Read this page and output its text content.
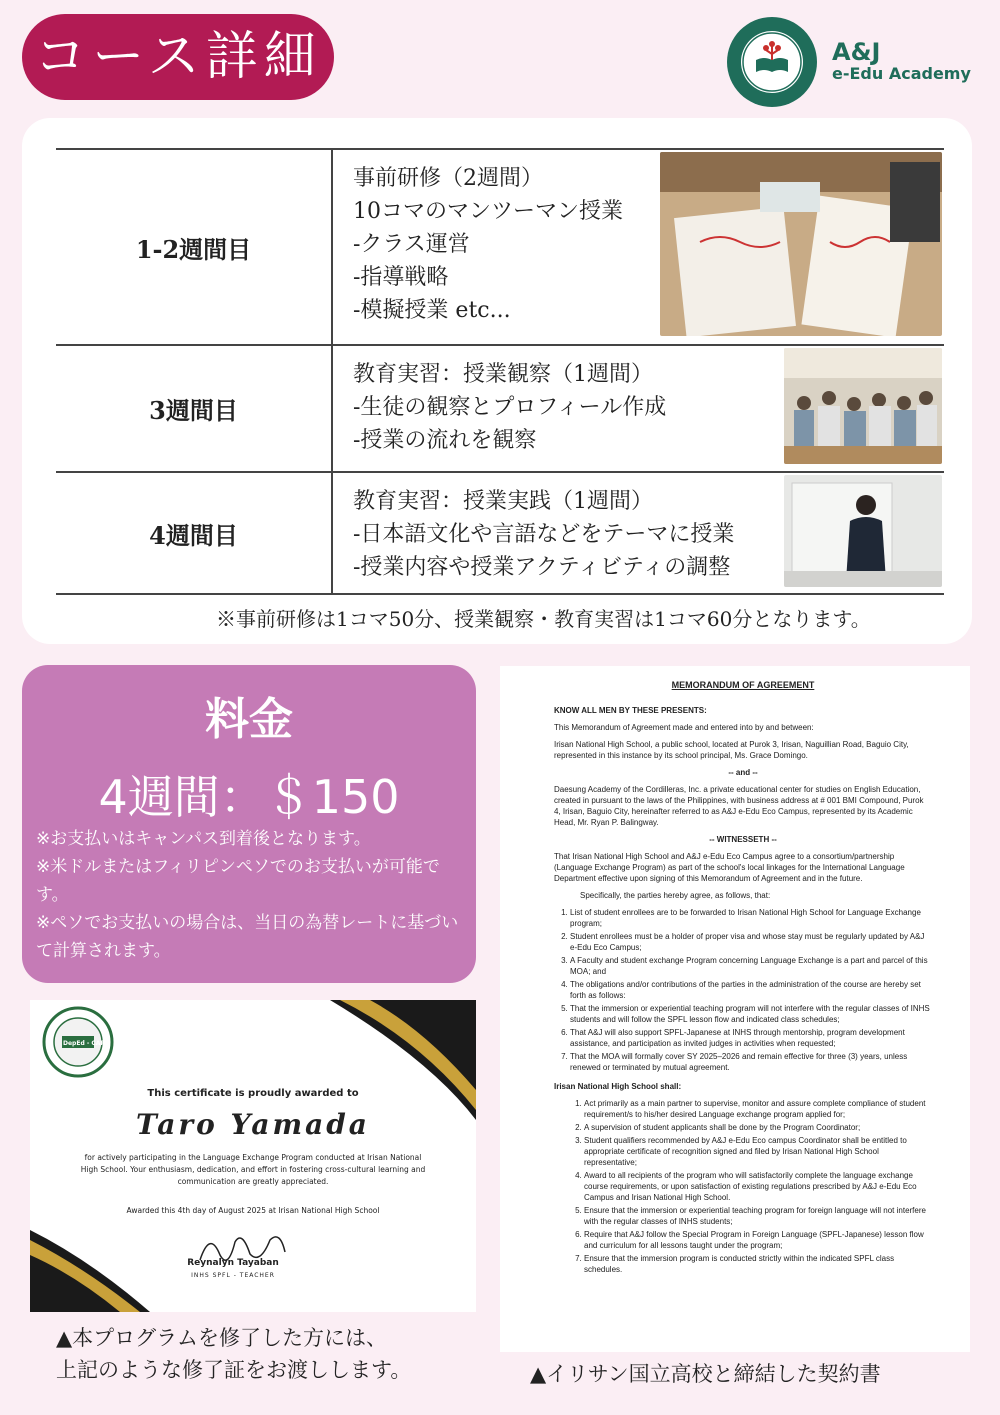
コース詳細	A&J
e-Edu Academy
1-2週間目	事前研修（2週間）
10コマのマンツーマン授業
-クラス運営
-指導戦略
-模擬授業 etc...

3週間目	教育実習：授業観察（1週間）
-生徒の観察とプロフィール作成
-授業の流れを観察

4週間目	教育実習：授業実践（1週間）
-日本語文化や言語などをテーマに授業
-授業内容や授業アクティビティの調整
※事前研修は1コマ50分、授業観察・教育実習は1コマ60分となります。
料金
4週間：＄150
※お支払いはキャンパス到着後となります。
※米ドルまたはフィリピンペソでのお支払いが可能です。
※ペソでお支払いの場合は、当日の為替レートに基づいて計算されます。
DepEd - CAR
This certificate is proudly awarded to
Taro Yamada
for actively participating in the Language Exchange Program conducted at Irisan National High School. Your enthusiasm, dedication, and effort in fostering cross-cultural learning and communication are greatly appreciated.
Awarded this 4th day of August 2025 at Irisan National High School
Reynalyn Tayaban
INHS SPFL - TEACHER
▲本プログラムを修了した方には、
上記のような修了証をお渡しします。

MEMORANDUM OF AGREEMENT

KNOW ALL MEN BY THESE PRESENTS:

This Memorandum of Agreement made and entered into by and between:

Irisan National High School, a public school, located at Purok 3, Irisan, Naguillian Road, Baguio City, represented in this instance by its school principal, Ms. Grace Domingo.

-- and --

Daesung Academy of the Cordilleras, Inc. a private educational center for studies on English Education, created in pursuant to the laws of the Philippines, with business address at # 001 BMI Compound, Purok 4, Irisan, Baguio City, hereinafter referred to as A&J e-Edu Eco Campus, represented by its Academic Head, Mr. Ryan P. Balingway.

-- WITNESSETH --

That Irisan National High School and A&J e-Edu Eco Campus agree to a consortium/partnership (Language Exchange Program) as part of the school's local linkages for the International Language Department effective upon signing of this Memorandum of Agreement and in the future.

Specifically, the parties hereby agree, as follows, that:

1. List of student enrollees are to be forwarded to Irisan National High School for Language Exchange program;
2. Student enrollees must be a holder of proper visa and whose stay must be regularly updated by A&J e-Edu Eco Campus;
3. A Faculty and student exchange Program concerning Language Exchange is a part and parcel of this MOA; and
4. The obligations and/or contributions of the parties in the administration of the course are hereby set forth as follows:
5. That the immersion or experiential teaching program will not interfere with the regular classes of INHS students and will follow the SPFL lesson flow and indicated class schedules;
6. That A&J will also support SPFL-Japanese at INHS through mentorship, program development assistance, and participation as invited judges in activities when requested;
7. That the MOA will formally cover SY 2025–2026 and remain effective for three (3) years, unless renewed or terminated by mutual agreement.

Irisan National High School shall:

1. Act primarily as a main partner to supervise, monitor and assure complete compliance of student requirement/s to his/her desired Language exchange program applied for;
2. A supervision of student applicants shall be done by the Program Coordinator;
3. Student qualifiers recommended by A&J e-Edu Eco campus Coordinator shall be entitled to appropriate certificate of recognition signed and filed by Irisan National High School representative;
4. Award to all recipients of the program who will satisfactorily complete the language exchange course requirements, or upon satisfaction of existing regulations prescribed by A&J e-Edu Eco Campus and Irisan National High School.
5. Ensure that the immersion or experiential teaching program for foreign language will not interfere with the regular classes of INHS students;
6. Require that A&J follow the Special Program in Foreign Language (SPFL-Japanese) lesson flow and curriculum for all lessons taught under the program;
7. Ensure that the immersion program is conducted strictly within the indicated SPFL class schedules.
▲イリサン国立高校と締結した契約書
